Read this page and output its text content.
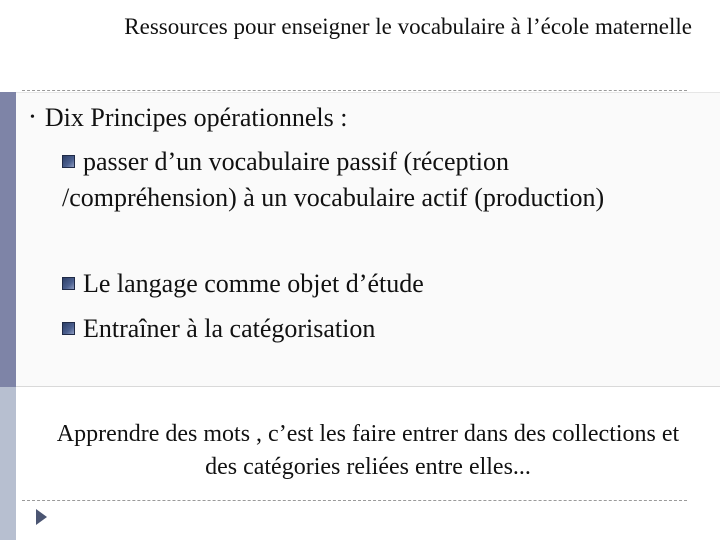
Ressources pour enseigner le vocabulaire à l’école maternelle
• Dix Principes opérationnels :
passer d’un vocabulaire passif (réception
/compréhension) à un vocabulaire actif (production)
Le langage comme objet d’étude
Entraîner à la catégorisation
Apprendre des mots , c’est les faire entrer dans des collections et des catégories reliées entre elles...
